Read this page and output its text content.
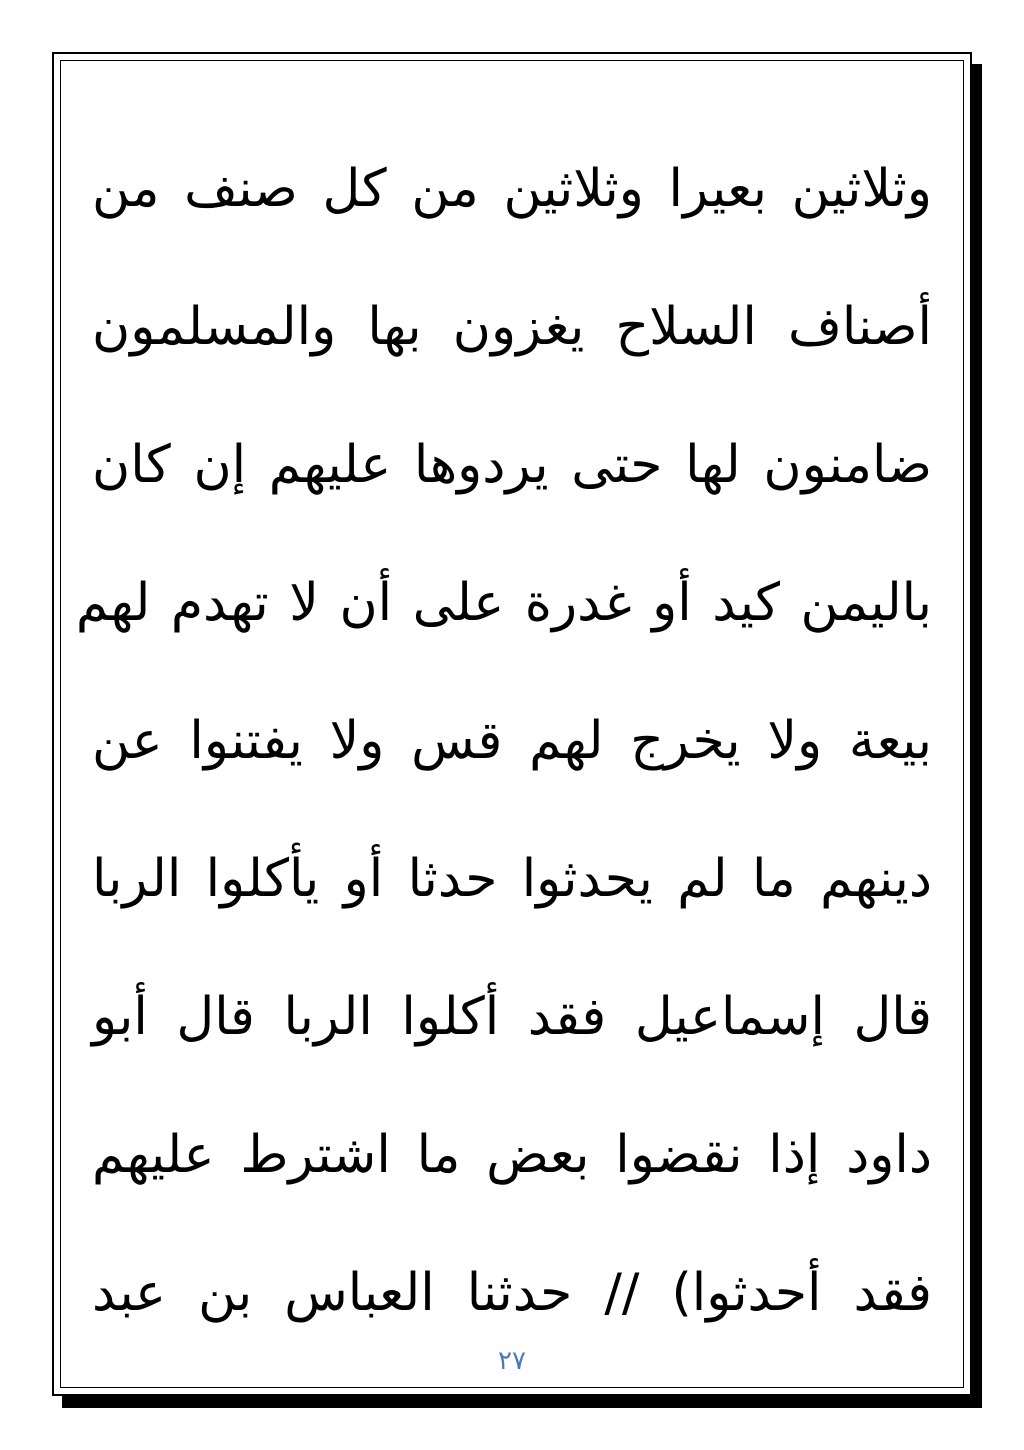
وثلاثين بعيرا وثلاثين من كل صنف من
أصناف السلاح يغزون بها والمسلمون
ضامنون لها حتى يردوها عليهم إن كان
باليمن كيد أو غدرة على أن لا تهدم لهم
بيعة ولا يخرج لهم قس ولا يفتنوا عن
دينهم ما لم يحدثوا حدثا أو يأكلوا الربا
قال إسماعيل فقد أكلوا الربا قال أبو
داود إذا نقضوا بعض ما اشترط عليهم
فقد أحدثوا) // حدثنا العباس بن عبد
٢٧
